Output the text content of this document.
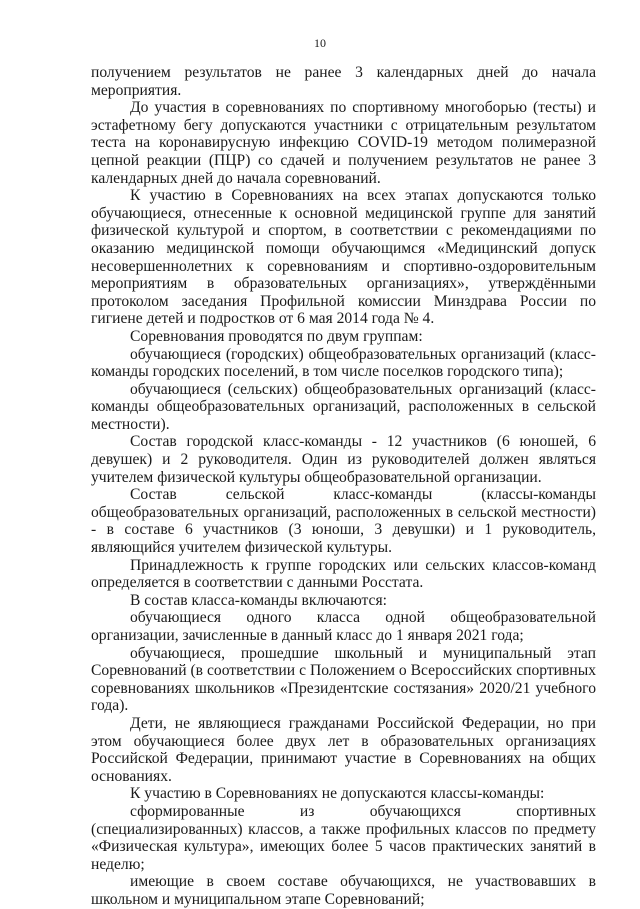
10

получением результатов не ранее 3 календарных дней до начала мероприятия.

До участия в соревнованиях по спортивному многоборью (тесты) и эстафетному бегу допускаются участники с отрицательным результатом теста на коронавирусную инфекцию COVID-19 методом полимеразной цепной реакции (ПЦР) со сдачей и получением результатов не ранее 3 календарных дней до начала соревнований.

К участию в Соревнованиях на всех этапах допускаются только обучающиеся, отнесенные к основной медицинской группе для занятий физической культурой и спортом, в соответствии с рекомендациями по оказанию медицинской помощи обучающимся «Медицинский допуск несовершеннолетних к соревнованиям и спортивно-оздоровительным мероприятиям в образовательных организациях», утверждёнными протоколом заседания Профильной комиссии Минздрава России по гигиене детей и подростков от 6 мая 2014 года № 4.

Соревнования проводятся по двум группам:

обучающиеся (городских) общеобразовательных организаций (класс-команды городских поселений, в том числе поселков городского типа);

обучающиеся (сельских) общеобразовательных организаций (класс-команды общеобразовательных организаций, расположенных в сельской местности).

Состав городской класс-команды - 12 участников (6 юношей, 6 девушек) и 2 руководителя. Один из руководителей должен являться учителем физической культуры общеобразовательной организации.

Состав сельской класс-команды (классы-команды общеобразовательных организаций, расположенных в сельской местности) - в составе 6 участников (3 юноши, 3 девушки) и 1 руководитель, являющийся учителем физической культуры.

Принадлежность к группе городских или сельских классов-команд определяется в соответствии с данными Росстата.

В состав класса-команды включаются:

обучающиеся одного класса одной общеобразовательной организации, зачисленные в данный класс до 1 января 2021 года;

обучающиеся, прошедшие школьный и муниципальный этап Соревнований (в соответствии с Положением о Всероссийских спортивных соревнованиях школьников «Президентские состязания» 2020/21 учебного года).

Дети, не являющиеся гражданами Российской Федерации, но при этом обучающиеся более двух лет в образовательных организациях Российской Федерации, принимают участие в Соревнованиях на общих основаниях.

К участию в Соревнованиях не допускаются классы-команды:

сформированные из обучающихся спортивных (специализированных) классов, а также профильных классов по предмету «Физическая культура», имеющих более 5 часов практических занятий в неделю;

имеющие в своем составе обучающихся, не участвовавших в школьном и муниципальном этапе Соревнований;
